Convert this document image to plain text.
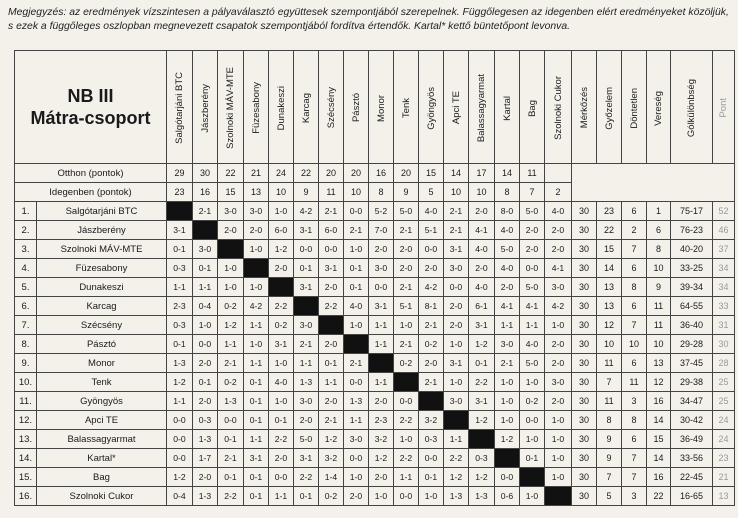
Megjegyzés: az eredmények vízszintesen a pályaválasztó együttesek szempontjából szerepelnek. Függőlegesen az idegenben elért eredményeket közöljük, s ezek a függőleges oszlopban megnevezett csapatok szempontjából fordítva értendők. Kartal* kettő büntetőpont levonva.
NB III
Mátra-csoport		Salgótarjáni BTC	Jászberény	Szolnoki MÁV-MTE	Füzesabony	Dunakeszi	Karcag	Szécsény	Pásztó	Monor	Tenk	Gyöngyös	Apci TE	Balassagyarmat	Kartal	Bag	Szolnoki Cukor	Mérkőzés	Győzelem	Döntetlen	Vereség	Gólkülönbség	Pont
Otthon (pontok)		29	30	22	21	24	22	20	20	16	20	15	14	17	14	11							
Idegenben (pontok)		23	16	15	13	10	9	11	10	8	9	5	10	10	8	7	2						
1.	Salgótarjáni BTC		2-1	3-0	3-0	1-0	4-2	2-1	0-0	5-2	5-0	4-0	2-1	2-0	8-0	5-0	4-0	30	23	6	1	75-17	52
2.	Jászberény	3-1		2-0	2-0	6-0	3-1	6-0	2-1	7-0	2-1	5-1	2-1	4-1	4-0	2-0	2-0	30	22	2	6	76-23	46
3.	Szolnoki MÁV-MTE	0-1	3-0		1-0	1-2	0-0	0-0	1-0	2-0	2-0	0-0	3-1	4-0	5-0	2-0	2-0	30	15	7	8	40-20	37
4.	Füzesabony	0-3	0-1	1-0		2-0	0-1	3-1	0-1	3-0	2-0	2-0	3-0	2-0	4-0	0-0	4-1	30	14	6	10	33-25	34
5.	Dunakeszi	1-1	1-1	1-0	1-0		3-1	2-0	0-1	0-0	2-1	4-2	0-0	4-0	2-0	5-0	3-0	30	13	8	9	39-34	34
6.	Karcag	2-3	0-4	0-2	4-2	2-2		2-2	4-0	3-1	5-1	8-1	2-0	6-1	4-1	4-1	4-2	30	13	6	11	64-55	33
7.	Szécsény	0-3	1-0	1-2	1-1	0-2	3-0		1-0	1-1	1-0	2-1	2-0	3-1	1-1	1-1	1-0	30	12	7	11	36-40	31
8.	Pásztó	0-1	0-0	1-1	1-0	3-1	2-1	2-0		1-1	2-1	0-2	1-0	1-2	3-0	4-0	2-0	30	10	10	10	29-28	30
9.	Monor	1-3	2-0	2-1	1-1	1-0	1-1	0-1	2-1		0-2	2-0	3-1	0-1	2-1	5-0	2-0	30	11	6	13	37-45	28
10.	Tenk	1-2	0-1	0-2	0-1	4-0	1-3	1-1	0-0	1-1		2-1	1-0	2-2	1-0	1-0	3-0	30	7	11	12	29-38	25
11.	Gyöngyös	1-1	2-0	1-3	0-1	1-0	3-0	2-0	1-3	2-0	0-0		3-0	3-1	1-0	0-2	2-0	30	11	3	16	34-47	25
12.	Apci TE	0-0	0-3	0-0	0-1	0-1	2-0	2-1	1-1	2-3	2-2	3-2		1-2	1-0	0-0	1-0	30	8	8	14	30-42	24
13.	Balassagyarmat	0-0	1-3	0-1	1-1	2-2	5-0	1-2	3-0	3-2	1-0	0-3	1-1		1-2	1-0	1-0	30	9	6	15	36-49	24
14.	Kartal*	0-0	1-7	2-1	3-1	2-0	3-1	3-2	0-0	1-2	2-2	0-0	2-2	0-3		0-1	1-0	30	9	7	14	33-56	23
15.	Bag	1-2	2-0	0-1	0-1	0-0	2-2	1-4	1-0	2-0	1-1	0-1	1-2	1-2	0-0		1-0	30	7	7	16	22-45	21
16.	Szolnoki Cukor	0-4	1-3	2-2	0-1	1-1	0-1	0-2	2-0	1-0	0-0	1-0	1-3	1-3	0-6	1-0		30	5	3	22	16-65	13
